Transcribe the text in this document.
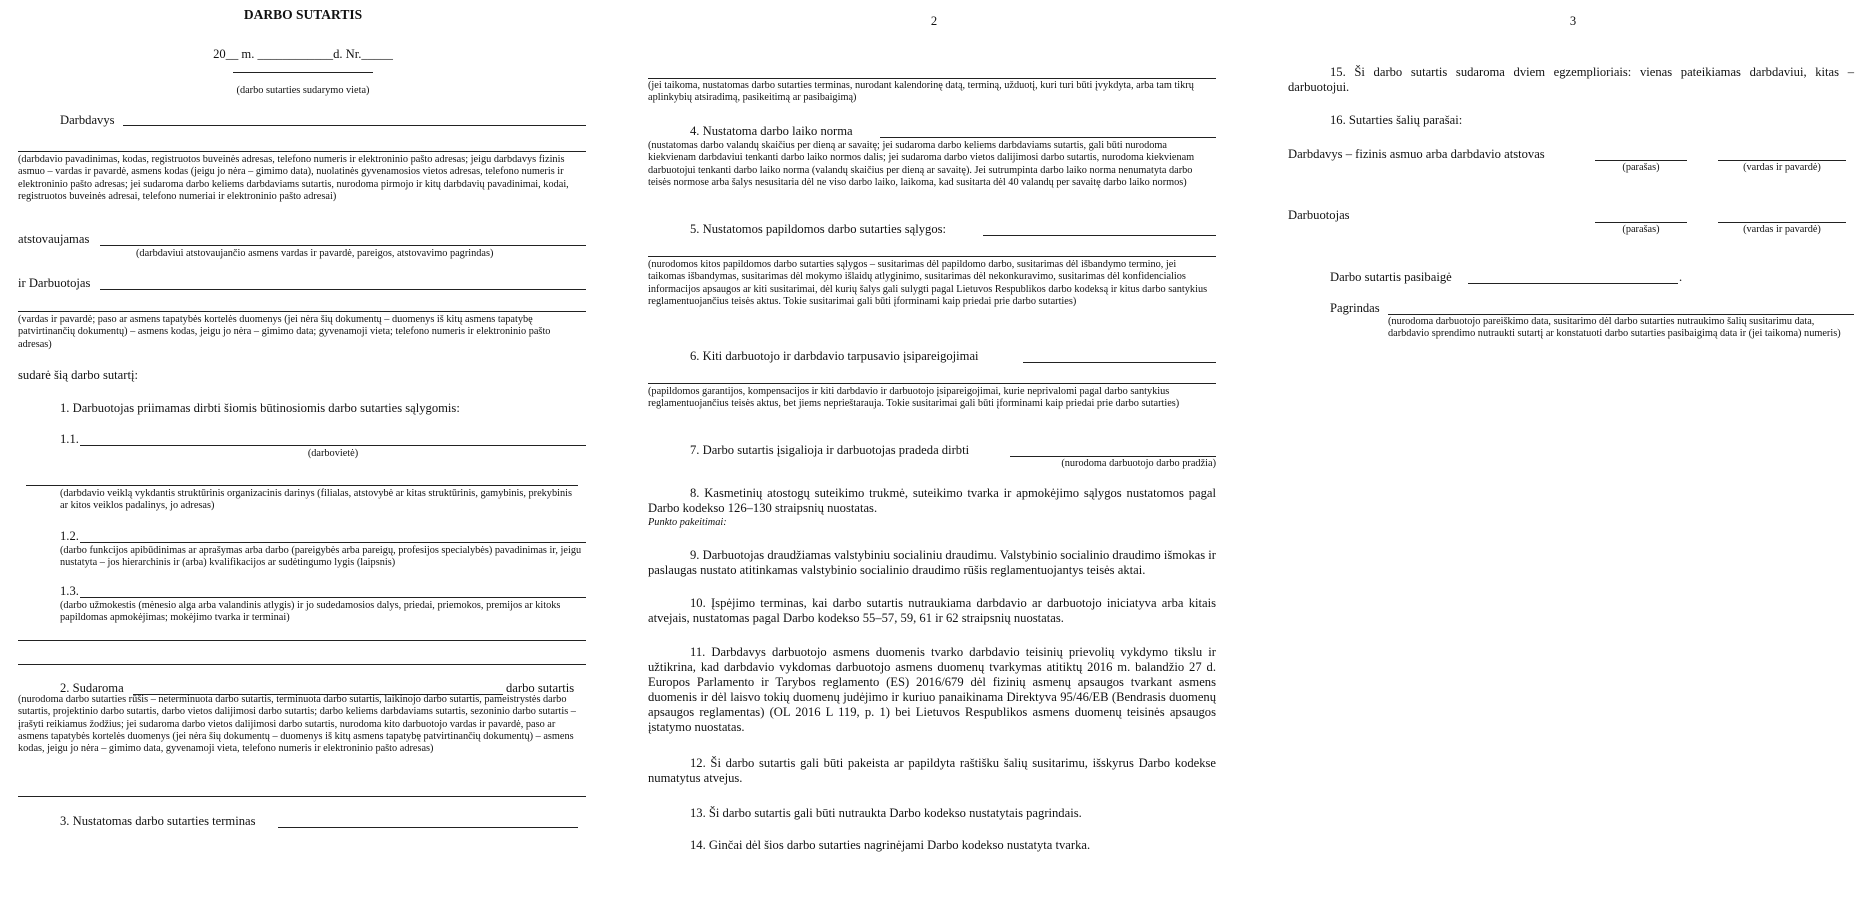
DARBO SUTARTIS
20__ m. ____________d. Nr._____
(darbo sutarties sudarymo vieta)
Darbdavys
(darbdavio pavadinimas, kodas, registruotos buveinės adresas, telefono numeris ir elektroninio pašto adresas; jeigu darbdavys fizinis asmuo – vardas ir pavardė, asmens kodas (jeigu jo nėra – gimimo data), nuolatinės gyvenamosios vietos adresas, telefono numeris ir elektroninio pašto adresas; jei sudaroma darbo keliems darbdaviams sutartis, nurodoma pirmojo ir kitų darbdavių pavadinimai, kodai, registruotos buveinės adresai, telefono numeriai ir elektroninio pašto adresai)
atstovaujamas
(darbdaviui atstovaujančio asmens vardas ir pavardė, pareigos, atstovavimo pagrindas)
ir Darbuotojas
(vardas ir pavardė; paso ar asmens tapatybės kortelės duomenys (jei nėra šių dokumentų – duomenys iš kitų asmens tapatybę patvirtinančių dokumentų) – asmens kodas, jeigu jo nėra – gimimo data; gyvenamoji vieta; telefono numeris ir elektroninio pašto adresas)
sudarė šią darbo sutartį:
1. Darbuotojas priimamas dirbti šiomis būtinosiomis darbo sutarties sąlygomis:
1.1.
(darbovietė)
(darbdavio veiklą vykdantis struktūrinis organizacinis darinys (filialas, atstovybė ar kitas struktūrinis, gamybinis, prekybinis ar kitos veiklos padalinys, jo adresas)
1.2.
(darbo funkcijos apibūdinimas ar aprašymas arba darbo (pareigybės arba pareigų, profesijos specialybės) pavadinimas ir, jeigu nustatyta – jos hierarchinis ir (arba) kvalifikacijos ar sudėtingumo lygis (laipsnis)
1.3.
(darbo užmokestis (mėnesio alga arba valandinis atlygis) ir jo sudedamosios dalys, priedai, priemokos, premijos ar kitoks papildomas apmokėjimas; mokėjimo tvarka ir terminai)
2. Sudaroma	darbo sutartis
(nurodoma darbo sutarties rūšis – neterminuota darbo sutartis, terminuota darbo sutartis, laikinojo darbo sutartis, pameistrystės darbo sutartis, projektinio darbo sutartis, darbo vietos dalijimosi darbo sutartis; darbo keliems darbdaviams sutartis, sezoninio darbo sutartis – įrašyti reikiamus žodžius; jei sudaroma darbo vietos dalijimosi darbo sutartis, nurodoma kito darbuotojo vardas ir pavardė, paso ar asmens tapatybės kortelės duomenys (jei nėra šių dokumentų – duomenys iš kitų asmens tapatybę patvirtinančių dokumentų) – asmens kodas, jeigu jo nėra – gimimo data, gyvenamoji vieta, telefono numeris ir elektroninio pašto adresas)
3. Nustatomas darbo sutarties terminas
2
(jei taikoma, nustatomas darbo sutarties terminas, nurodant kalendorinę datą, terminą, užduotį, kuri turi būti įvykdyta, arba tam tikrų aplinkybių atsiradimą, pasikeitimą ar pasibaigimą)
4. Nustatoma darbo laiko norma
(nustatomas darbo valandų skaičius per dieną ar savaitę; jei sudaroma darbo keliems darbdaviams sutartis, gali būti nurodoma kiekvienam darbdaviui tenkanti darbo laiko normos dalis; jei sudaroma darbo vietos dalijimosi darbo sutartis, nurodoma kiekvienam darbuotojui tenkanti darbo laiko norma (valandų skaičius per dieną ar savaitę). Jei sutrumpinta darbo laiko norma nenumatyta darbo teisės normose arba šalys nesusitaria dėl ne viso darbo laiko, laikoma, kad susitarta dėl 40 valandų per savaitę darbo laiko normos)
5. Nustatomos papildomos darbo sutarties sąlygos:
(nurodomos kitos papildomos darbo sutarties sąlygos – susitarimas dėl papildomo darbo, susitarimas dėl išbandymo termino, jei taikomas išbandymas, susitarimas dėl mokymo išlaidų atlyginimo, susitarimas dėl nekonkuravimo, susitarimas dėl konfidencialios informacijos apsaugos ar kiti susitarimai, dėl kurių šalys gali sulygti pagal Lietuvos Respublikos darbo kodeksą ir kitus darbo santykius reglamentuojančius teisės aktus. Tokie susitarimai gali būti įforminami kaip priedai prie darbo sutarties)
6. Kiti darbuotojo ir darbdavio tarpusavio įsipareigojimai
(papildomos garantijos, kompensacijos ir kiti darbdavio ir darbuotojo įsipareigojimai, kurie neprivalomi pagal darbo santykius reglamentuojančius teisės aktus, bet jiems neprieštarauja. Tokie susitarimai gali būti įforminami kaip priedai prie darbo sutarties)
7. Darbo sutartis įsigalioja ir darbuotojas pradeda dirbti
(nurodoma darbuotojo darbo pradžia)
8. Kasmetinių atostogų suteikimo trukmė, suteikimo tvarka ir apmokėjimo sąlygos nustatomos pagal Darbo kodekso 126–130 straipsnių nuostatas.
Punkto pakeitimai:
9. Darbuotojas draudžiamas valstybiniu socialiniu draudimu. Valstybinio socialinio draudimo išmokas ir paslaugas nustato atitinkamas valstybinio socialinio draudimo rūšis reglamentuojantys teisės aktai.
10. Įspėjimo terminas, kai darbo sutartis nutraukiama darbdavio ar darbuotojo iniciatyva arba kitais atvejais, nustatomas pagal Darbo kodekso 55–57, 59, 61 ir 62 straipsnių nuostatas.
11. Darbdavys darbuotojo asmens duomenis tvarko darbdavio teisinių prievolių vykdymo tikslu ir užtikrina, kad darbdavio vykdomas darbuotojo asmens duomenų tvarkymas atitiktų 2016 m. balandžio 27 d. Europos Parlamento ir Tarybos reglamento (ES) 2016/679 dėl fizinių asmenų apsaugos tvarkant asmens duomenis ir dėl laisvo tokių duomenų judėjimo ir kuriuo panaikinama Direktyva 95/46/EB (Bendrasis duomenų apsaugos reglamentas) (OL 2016 L 119, p. 1) bei Lietuvos Respublikos asmens duomenų teisinės apsaugos įstatymo nuostatas.
12. Ši darbo sutartis gali būti pakeista ar papildyta raštišku šalių susitarimu, išskyrus Darbo kodekse numatytus atvejus.
13. Ši darbo sutartis gali būti nutraukta Darbo kodekso nustatytais pagrindais.
14. Ginčai dėl šios darbo sutarties nagrinėjami Darbo kodekso nustatyta tvarka.
3
15. Ši darbo sutartis sudaroma dviem egzemplioriais: vienas pateikiamas darbdaviui, kitas – darbuotojui.
16. Sutarties šalių parašai:
Darbdavys – fizinis asmuo arba darbdavio atstovas
(parašas)	(vardas ir pavardė)
Darbuotojas
(parašas)	(vardas ir pavardė)
Darbo sutartis pasibaigė	.
Pagrindas
(nurodoma darbuotojo pareiškimo data, susitarimo dėl darbo sutarties nutraukimo šalių susitarimu data, darbdavio sprendimo nutraukti sutartį ar konstatuoti darbo sutarties pasibaigimą data ir (jei taikoma) numeris)
